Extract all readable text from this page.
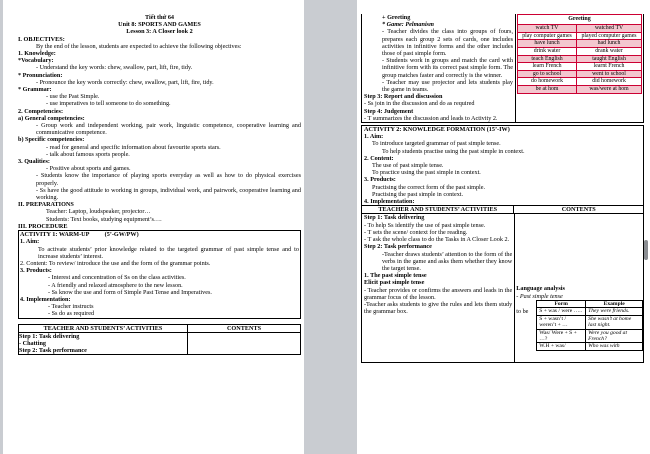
Tiết thứ 64
Unit 8: SPORTS AND GAMES
Lesson 3: A Closer look 2
I. OBJECTIVES:
By the end of the lesson, students are expected to achieve the following objectives:
1. Knowledge:
*Vocabulary:
- Understand the key words: chew, swallow, part, lift, fire, tidy.
* Pronunciation:
- Pronounce the key words correctly: chew, swallow, part, lift, fire, tidy.
* Grammar:
- use the Past Simple.
- use imperatives to tell someone to do something.
2. Competencies:
a) General competencies:
- Group work and independent working, pair work, linguistic competence, cooperative learning and communicative competence.
b) Specific competencies:
- read for general and specific information about favourite sports stars.
- talk about famous sports people.
3. Qualities:
- Positive about sports and games.
- Students know the importance of playing sports everyday as well as how to do physical exercises properly.
- Ss have the good attitude to working in groups, individual work, and pairwork, cooperative learning and working.
II. PREPARATIONS
Teacher: Laptop, loudspeaker, projector…
Students: Text books, studying equipment’s….
III. PROCEDURE
ACTIVITY 1: WARM-UP	(5’-GW/PW)
1. Aim:
To activate students’ prior knowledge related to the targeted grammar of past simple tense and to increase students’ interest.
2. Content: To review/ introduce the use and the form of the grammar points.
3. Products:
- Interest and concentration of Ss on the class activities.
- A friendly and relaxed atmosphere to the new lesson.
- Ss know the use and form of Simple Past Tense and Imperatives.
4. Implementation:
- Teacher instructs
- Ss do as required
TEACHER AND STUDENTS’ ACTIVITIES	CONTENTS
Step 1: Task delivering
- Chatting
Step 2: Task performance
+ Greeting
* Game: Pelmanism
- Teacher divides the class into groups of fours, prepares each group 2 sets of cards, one includes activities in infinitive forms and the other includes those of past simple form.
- Students work in groups and match the card with infinitive form with its correct past simple form. The group matches faster and correctly is the winner.
- Teacher may use projector and lets students play the game in teams.
Step 3: Report and discussion
- Ss join in the discussion and do as required
Step 4: Judgement
- T summarizes the discussion and leads to Activity 2.
Greeting	
watch TV	watched TV
play computer games	played computer games
have lunch	had lunch
drink water	drank water
teach English	taught English
learn French	learnt French
go to school	went to school
do homework	did homework
be at hom	was/were at hom
ACTIVITY 2: KNOWLEDGE FORMATION (15’-IW)
1. Aim:
To introduce targeted grammar of past simple tense.
To help students practise using the past simple in context.
2. Content:
The use of past simple tense.
To practice using the past simple in context.
3. Products:
Practising the correct form of the past simple.
Practising the past simple in context.
4. Implementation:
TEACHER AND STUDENTS’ ACTIVITIES	CONTENTS
Step 1: Task delivering
- To help Ss identify the use of past simple tense.
- T sets the scene/ context for the reading.
- T ask the whole class to do the Tasks in A Closer Look 2.
Step 2: Task performance
-Teacher draws students’ attention to the form of the verbs in the game and asks them whether they know the target tense.
1. The past simple tense
Elicit past simple tense
- Teacher provides or confirms the answers and leads in the grammar focus of the lesson.
-Teacher asks students to give the rules and lets them study the grammar box.
Language analysis
- Past simple tense
to be
Form	Example
S + was / were …..	They were friends.
S + wasn’t / weren’t + …	She wasn’t at home last night.
Was/ Were + S + …?	Were you good at French?
W.H + was/	Who was with
